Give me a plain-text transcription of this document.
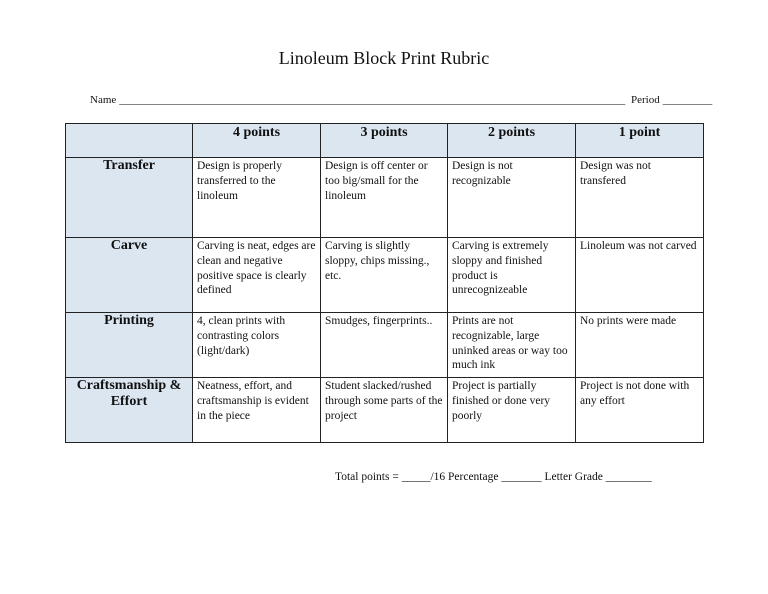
Linoleum Block Print Rubric
Name ____________________________________________________________________________________________ Period _________
	4 points	3 points	2 points	1 point
Transfer	Design is properly transferred to the linoleum	Design is off center or too big/small for the linoleum	Design is not recognizable	Design was not transfered
Carve	Carving is neat, edges are clean and negative positive space is clearly defined	Carving is slightly sloppy, chips missing., etc.	Carving is extremely sloppy and finished product is unrecognizeable	Linoleum was not carved
Printing	4, clean prints with contrasting colors (light/dark)	Smudges, fingerprints..	Prints are not recognizable, large uninked areas or way too much ink	No prints were made
Craftsmanship & Effort	Neatness, effort, and craftsmanship is evident in the piece	Student slacked/rushed through some parts of the project	Project is partially finished or done very poorly	Project is not done with any effort
Total points = _____/16 Percentage _______ Letter Grade ________
